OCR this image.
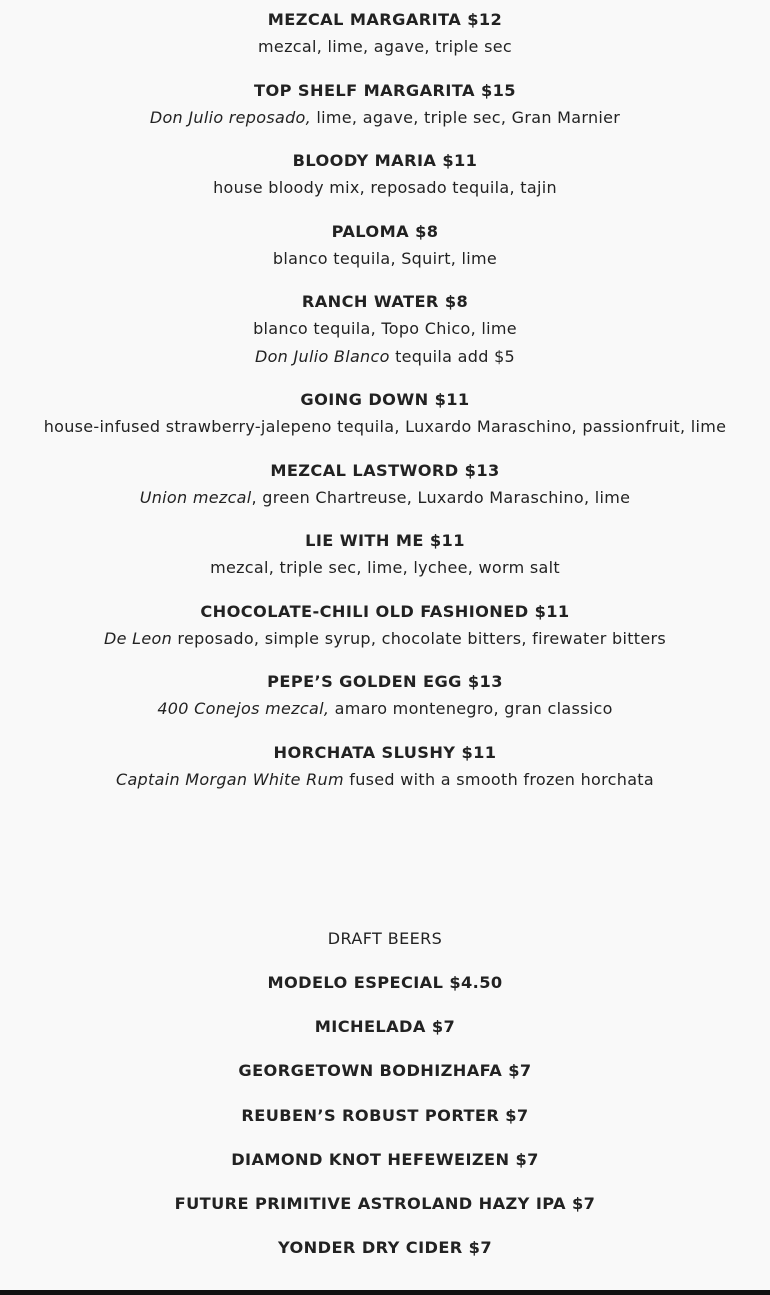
MEZCAL MARGARITA $12

mezcal, lime, agave, triple sec

TOP SHELF MARGARITA $15

Don Julio reposado, lime, agave, triple sec, Gran Marnier

BLOODY MARIA $11

house bloody mix, reposado tequila, tajin

PALOMA $8

blanco tequila, Squirt, lime

RANCH WATER $8

blanco tequila, Topo Chico, lime

Don Julio Blanco tequila add $5

GOING DOWN $11

house-infused strawberry-jalepeno tequila, Luxardo Maraschino, passionfruit, lime

MEZCAL LASTWORD $13

Union mezcal, green Chartreuse, Luxardo Maraschino, lime

LIE WITH ME $11

mezcal, triple sec, lime, lychee, worm salt

CHOCOLATE-CHILI OLD FASHIONED $11

De Leon reposado, simple syrup, chocolate bitters, firewater bitters

PEPE’S GOLDEN EGG $13

400 Conejos mezcal, amaro montenegro, gran classico

HORCHATA SLUSHY $11

Captain Morgan White Rum fused with a smooth frozen horchata

DRAFT BEERS
MODELO ESPECIAL $4.50
MICHELADA $7
GEORGETOWN BODHIZHAFA $7
REUBEN’S ROBUST PORTER $7
DIAMOND KNOT HEFEWEIZEN $7
FUTURE PRIMITIVE ASTROLAND HAZY IPA $7
YONDER DRY CIDER $7
